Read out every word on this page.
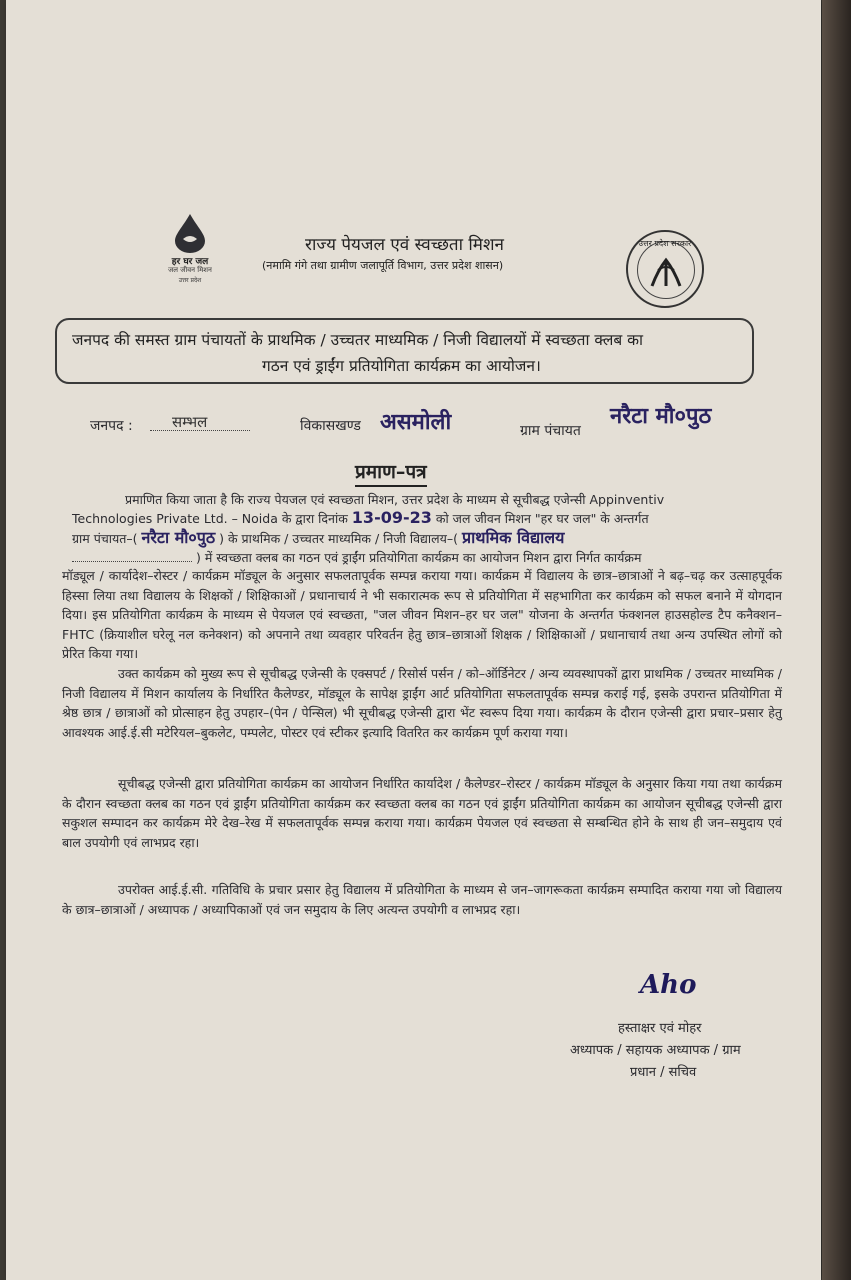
हर घर जल
जल जीवन मिशन
उत्तर प्रदेश
राज्य पेयजल एवं स्वच्छता मिशन
(नमामि गंगे तथा ग्रामीण जलापूर्ति विभाग, उत्तर प्रदेश शासन)
उत्तर प्रदेश सरकार
जनपद की समस्त ग्राम पंचायतों के प्राथमिक / उच्चतर माध्यमिक / निजी विद्यालयों में स्वच्छता क्लब का
गठन एवं ड्राईंग प्रतियोगिता कार्यक्रम का आयोजन।
जनपद :	सम्भल	विकासखण्ड असमोली	ग्राम पंचायत
नरैटा मौ०पुठ
प्रमाण–पत्र
प्रमाणित किया जाता है कि राज्य पेयजल एवं स्वच्छता मिशन, उत्तर प्रदेश के माध्यम से सूचीबद्ध एजेन्सी Appinventiv
Technologies Private Ltd. – Noida के द्वारा दिनांक 13-09-23 को जल जीवन मिशन "हर घर जल" के अन्तर्गत
ग्राम पंचायत–( नरैटा मौ०पुठ ) के प्राथमिक / उच्चतर माध्यमिक / निजी विद्यालय–( प्राथमिक विद्यालय
) में स्वच्छता क्लब का गठन एवं ड्राईंग प्रतियोगिता कार्यक्रम का आयोजन मिशन द्वारा निर्गत कार्यक्रम
मॉड्यूल / कार्यादेश–रोस्टर / कार्यक्रम मॉड्यूल के अनुसार सफलतापूर्वक सम्पन्न कराया गया। कार्यक्रम में विद्यालय के छात्र–छात्राओं ने बढ़–चढ़ कर उत्साहपूर्वक हिस्सा लिया तथा विद्यालय के शिक्षकों / शिक्षिकाओं / प्रधानाचार्य ने भी सकारात्मक रूप से प्रतियोगिता में सहभागिता कर कार्यक्रम को सफल बनाने में योगदान दिया। इस प्रतियोगिता कार्यक्रम के माध्यम से पेयजल एवं स्वच्छता, "जल जीवन मिशन–हर घर जल" योजना के अन्तर्गत फंक्शनल हाउसहोल्ड टैप कनैक्शन–FHTC (क्रियाशील घरेलू नल कनेक्शन) को अपनाने तथा व्यवहार परिवर्तन हेतु छात्र–छात्राओं शिक्षक / शिक्षिकाओं / प्रधानाचार्य तथा अन्य उपस्थित लोगों को प्रेरित किया गया।
उक्त कार्यक्रम को मुख्य रूप से सूचीबद्ध एजेन्सी के एक्सपर्ट / रिसोर्स पर्सन / को–ऑर्डिनेटर / अन्य व्यवस्थापकों द्वारा प्राथमिक / उच्चतर माध्यमिक / निजी विद्यालय में मिशन कार्यालय के निर्धारित कैलेण्डर, मॉड्यूल के सापेक्ष ड्राईंग आर्ट प्रतियोगिता सफलतापूर्वक सम्पन्न कराई गई, इसके उपरान्त प्रतियोगिता में श्रेष्ठ छात्र / छात्राओं को प्रोत्साहन हेतु उपहार–(पेन / पेन्सिल) भी सूचीबद्ध एजेन्सी द्वारा भेंट स्वरूप दिया गया। कार्यक्रम के दौरान एजेन्सी द्वारा प्रचार–प्रसार हेतु आवश्यक आई.ई.सी मटेरियल–बुकलेट, पम्पलेट, पोस्टर एवं स्टीकर इत्यादि वितरित कर कार्यक्रम पूर्ण कराया गया।
सूचीबद्ध एजेन्सी द्वारा प्रतियोगिता कार्यक्रम का आयोजन निर्धारित कार्यादेश / कैलेण्डर–रोस्टर / कार्यक्रम मॉड्यूल के अनुसार किया गया तथा कार्यक्रम के दौरान स्वच्छता क्लब का गठन एवं ड्राईंग प्रतियोगिता कार्यक्रम कर स्वच्छता क्लब का गठन एवं ड्राईंग प्रतियोगिता कार्यक्रम का आयोजन सूचीबद्ध एजेन्सी द्वारा सकुशल सम्पादन कर कार्यक्रम मेरे देख–रेख में सफलतापूर्वक सम्पन्न कराया गया। कार्यक्रम पेयजल एवं स्वच्छता से सम्बन्धित होने के साथ ही जन–समुदाय एवं बाल उपयोगी एवं लाभप्रद रहा।
उपरोक्त आई.ई.सी. गतिविधि के प्रचार प्रसार हेतु विद्यालय में प्रतियोगिता के माध्यम से जन–जागरूकता कार्यक्रम सम्पादित कराया गया जो विद्यालय के छात्र–छात्राओं / अध्यापक / अध्यापिकाओं एवं जन समुदाय के लिए अत्यन्त उपयोगी व लाभप्रद रहा।
Aho
हस्ताक्षर एवं मोहर
अध्यापक / सहायक अध्यापक / ग्राम
प्रधान / सचिव
